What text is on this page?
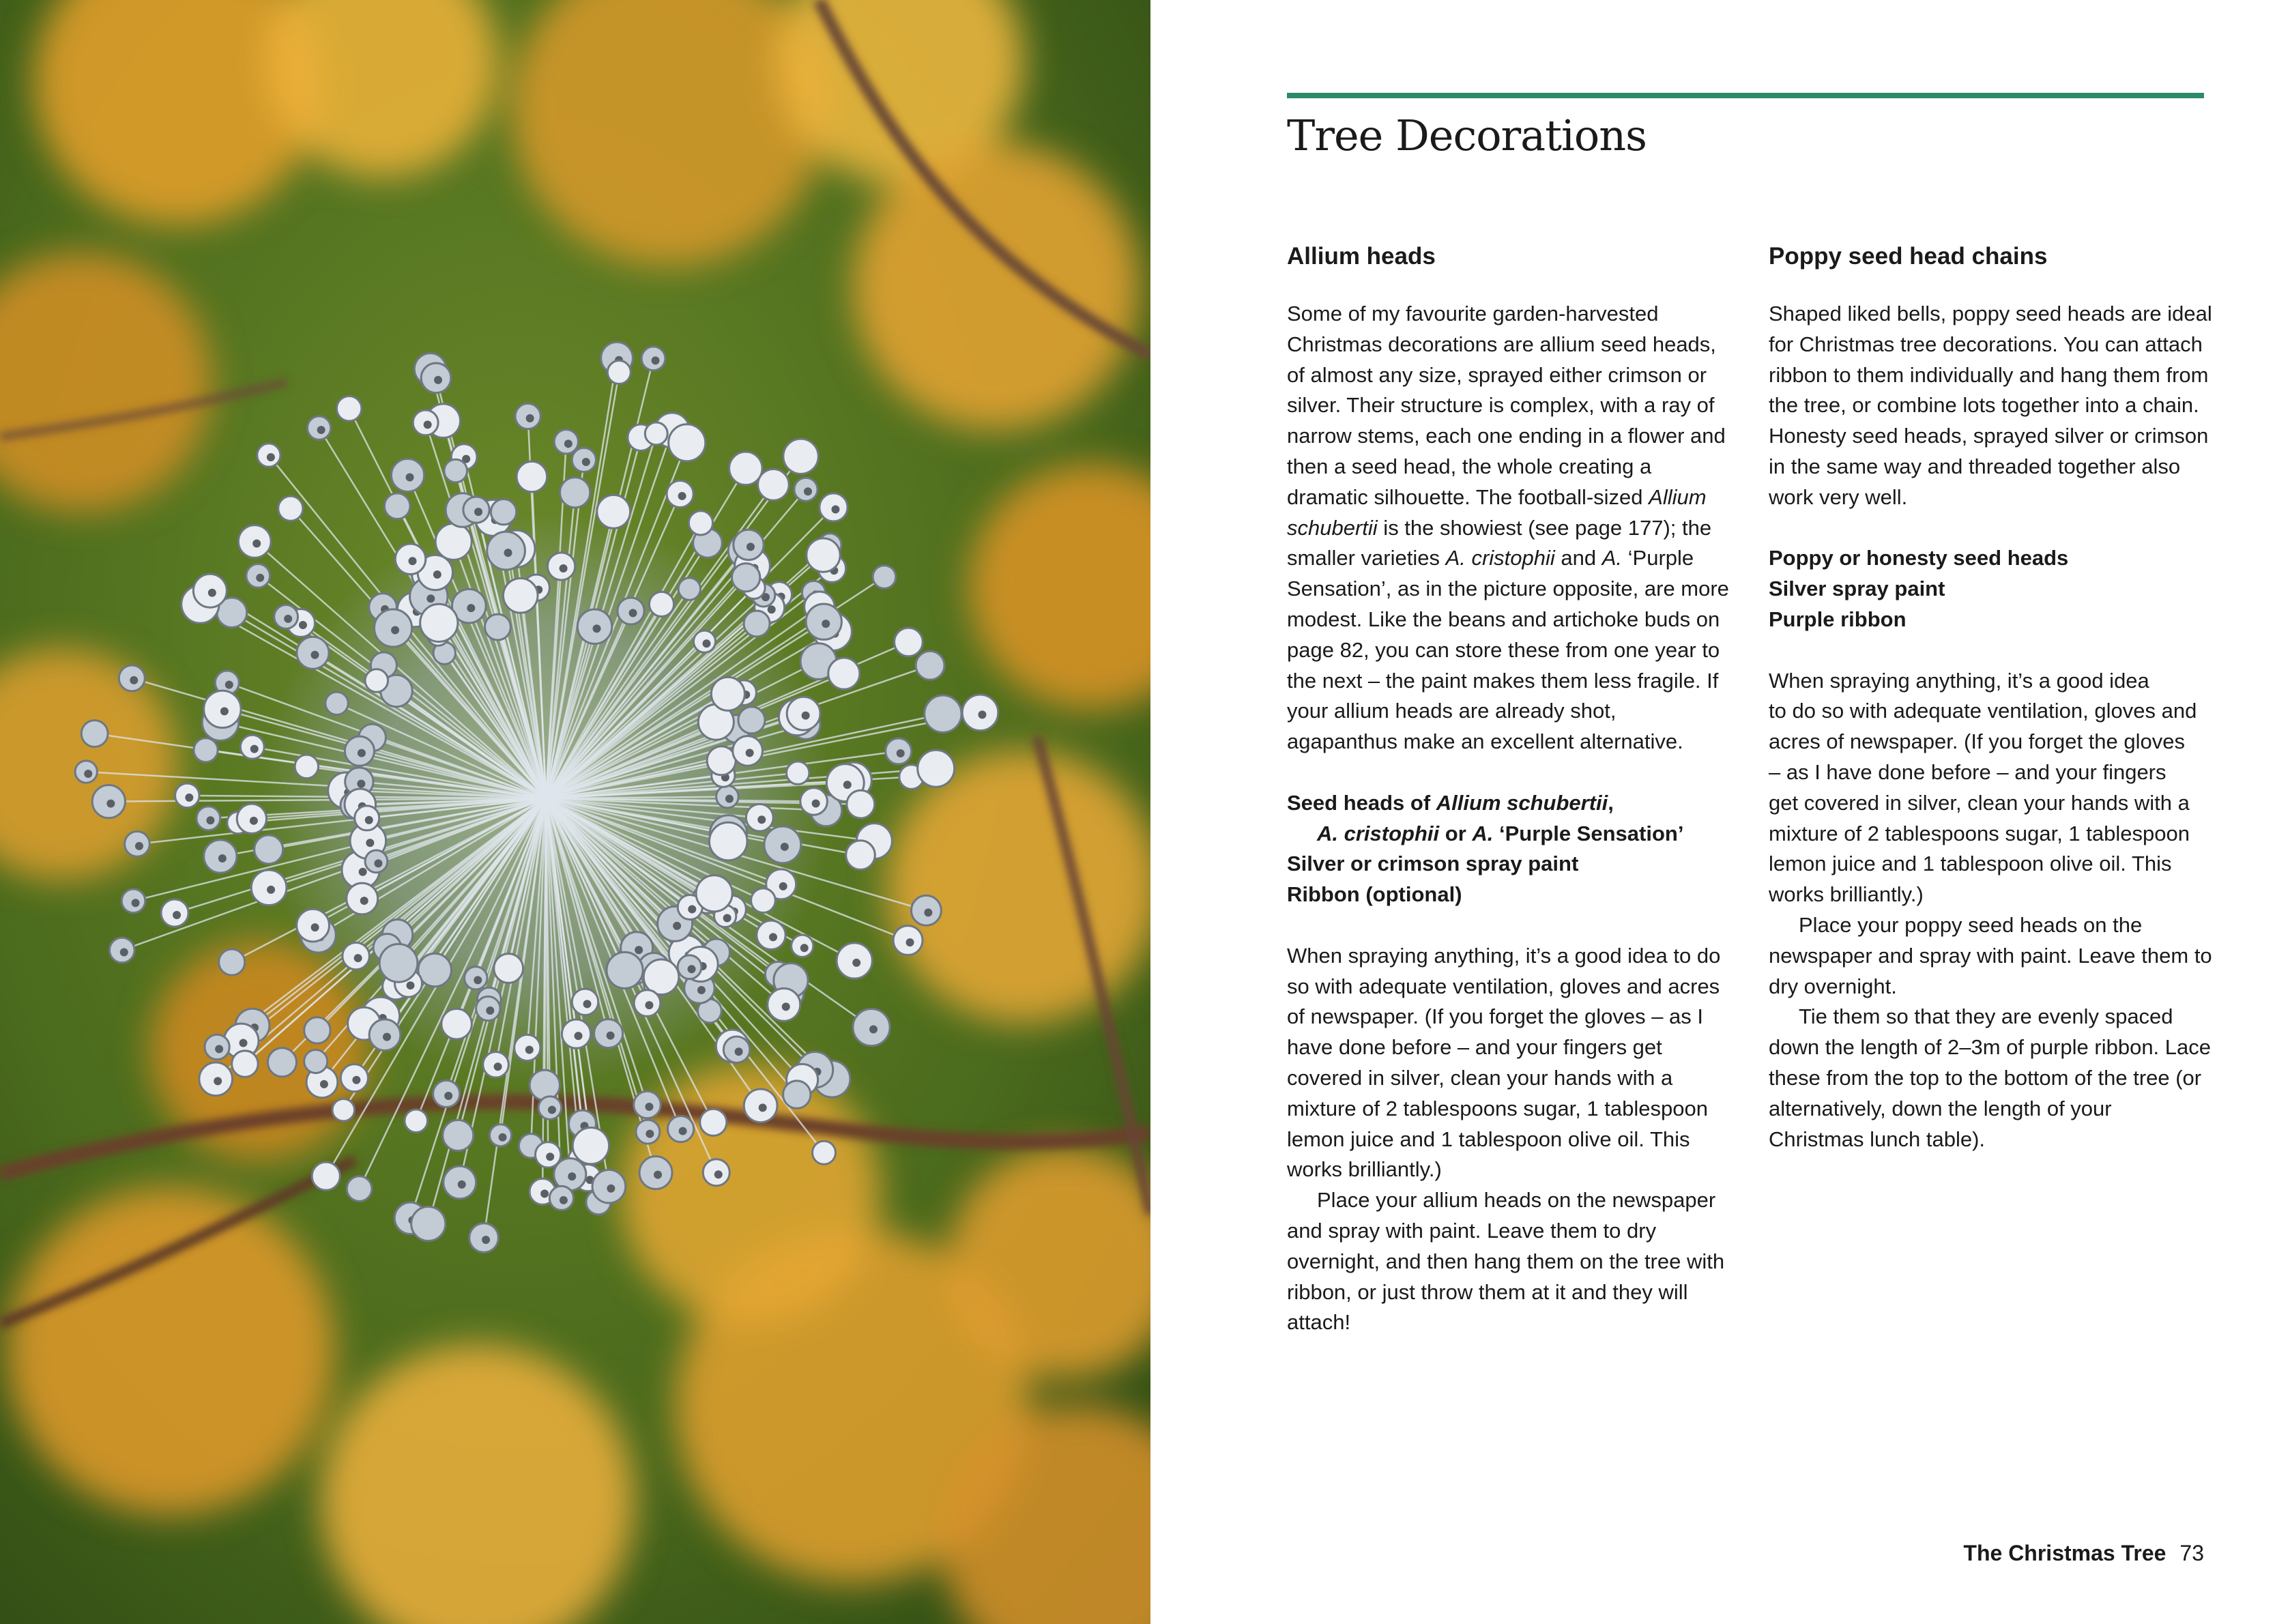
Tree Decorations
Allium heads

Some of my favourite garden-harvested Christmas decorations are allium seed heads, of almost any size, sprayed either crimson or silver. Their structure is complex, with a ray of narrow stems, each one ending in a flower and then a seed head, the whole creating a dramatic silhouette. The football-sized Allium schubertii is the showiest (see page 177); the smaller varieties A. cristophii and A. ‘Purple Sensation’, as in the picture opposite, are more modest. Like the beans and artichoke buds on page 82, you can store these from one year to the next – the paint makes them less fragile. If your allium heads are already shot, agapanthus make an excellent alternative.

Seed heads of Allium schubertii,
A. cristophii or A. ‘Purple Sensation’
Silver or crimson spray paint
Ribbon (optional)

When spraying anything, it’s a good idea to do so with adequate ventilation, gloves and acres of newspaper. (If you forget the gloves – as I have done before – and your fingers get covered in silver, clean your hands with a mixture of 2 tablespoons sugar, 1 tablespoon lemon juice and 1 tablespoon olive oil. This works brilliantly.)

Place your allium heads on the newspaper and spray with paint. Leave them to dry overnight, and then hang them on the tree with ribbon, or just throw them at it and they will attach!

Poppy seed head chains

Shaped liked bells, poppy seed heads are ideal for Christmas tree decorations. You can attach ribbon to them individually and hang them from the tree, or combine lots together into a chain. Honesty seed heads, sprayed silver or crimson in the same way and threaded together also work very well.

Poppy or honesty seed heads
Silver spray paint
Purple ribbon

When spraying anything, it’s a good idea
to do so with adequate ventilation, gloves and acres of newspaper. (If you forget the gloves
– as I have done before – and your fingers
get covered in silver, clean your hands with a mixture of 2 tablespoons sugar, 1 tablespoon lemon juice and 1 tablespoon olive oil. This works brilliantly.)

Place your poppy seed heads on the newspaper and spray with paint. Leave them to dry overnight.

Tie them so that they are evenly spaced down the length of 2–3m of purple ribbon. Lace these from the top to the bottom of the tree (or alternatively, down the length of your Christmas lunch table).

The Christmas Tree 73
